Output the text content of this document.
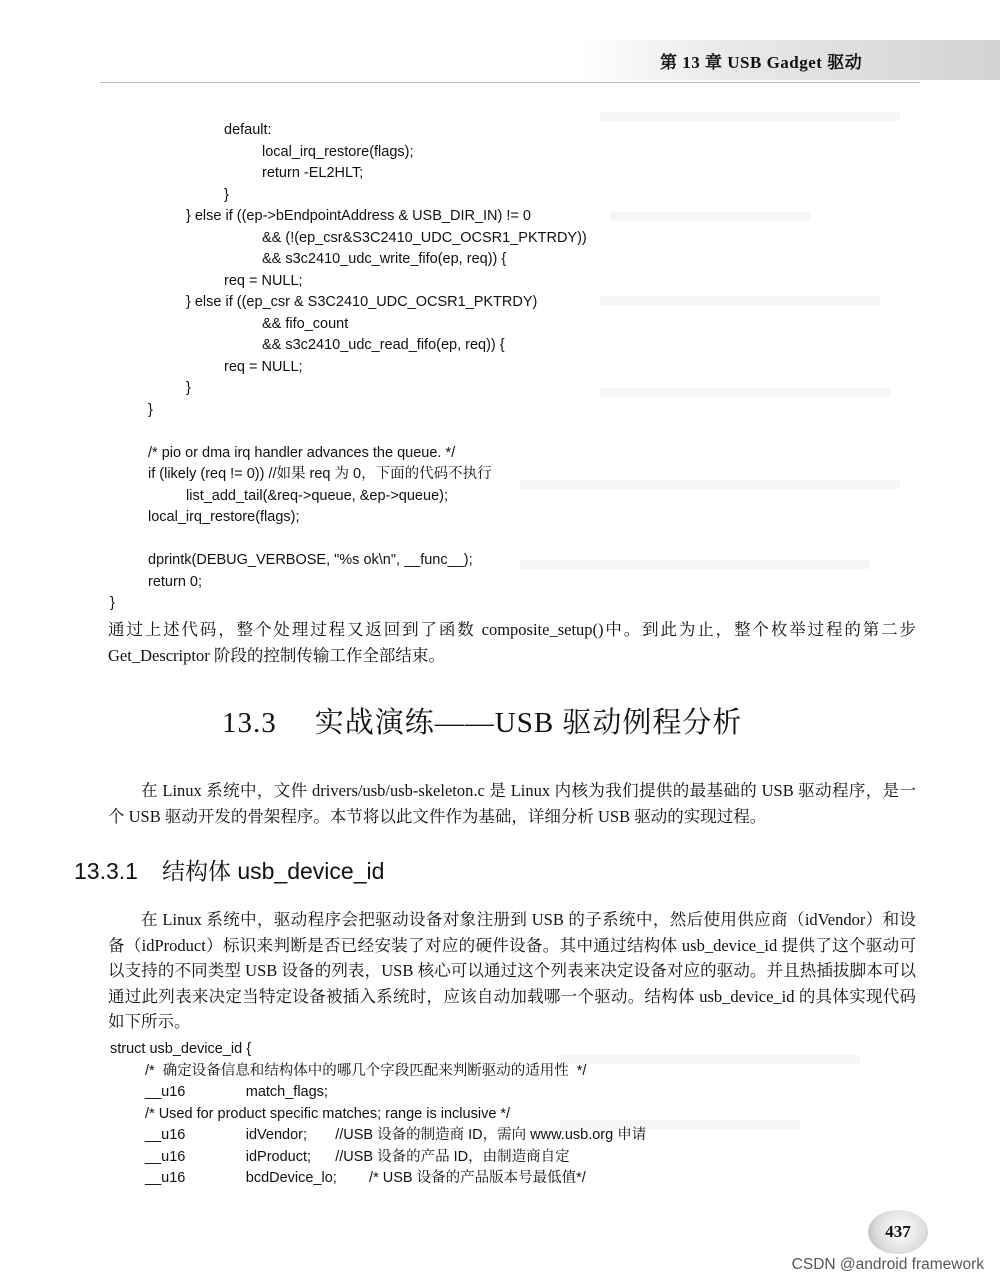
第 13 章 USB Gadget 驱动
default:
local_irq_restore(flags);
return -EL2HLT;
}
} else if ((ep->bEndpointAddress & USB_DIR_IN) != 0
&& (!(ep_csr&S3C2410_UDC_OCSR1_PKTRDY))
&& s3c2410_udc_write_fifo(ep, req)) {
req = NULL;
} else if ((ep_csr & S3C2410_UDC_OCSR1_PKTRDY)
&& fifo_count
&& s3c2410_udc_read_fifo(ep, req)) {
req = NULL;
}
}
/* pio or dma irq handler advances the queue. */
if (likely (req != 0)) //如果 req 为 0，下面的代码不执行
list_add_tail(&req->queue, &ep->queue);
local_irq_restore(flags);
dprintk(DEBUG_VERBOSE, "%s ok\n", __func__);
return 0;
}

通过上述代码，整个处理过程又返回到了函数 composite_setup()中。到此为止，整个枚举过程的第二步 Get_Descriptor 阶段的控制传输工作全部结束。

13.3 实战演练——USB 驱动例程分析

在 Linux 系统中，文件 drivers/usb/usb-skeleton.c 是 Linux 内核为我们提供的最基础的 USB 驱动程序，是一个 USB 驱动开发的骨架程序。本节将以此文件作为基础，详细分析 USB 驱动的实现过程。

13.3.1 结构体 usb_device_id

在 Linux 系统中，驱动程序会把驱动设备对象注册到 USB 的子系统中，然后使用供应商（idVendor）和设备（idProduct）标识来判断是否已经安装了对应的硬件设备。其中通过结构体 usb_device_id 提供了这个驱动可以支持的不同类型 USB 设备的列表，USB 核心可以通过这个列表来决定设备对应的驱动。并且热插拔脚本可以通过此列表来决定当特定设备被插入系统时，应该自动加载哪一个驱动。结构体 usb_device_id 的具体实现代码如下所示。

struct usb_device_id {
/*  确定设备信息和结构体中的哪几个字段匹配来判断驱动的适用性  */
__u16               match_flags;
/* Used for product specific matches; range is inclusive */
__u16               idVendor;       //USB 设备的制造商 ID，需向 www.usb.org 申请
__u16               idProduct;      //USB 设备的产品 ID，由制造商自定
__u16               bcdDevice_lo;        /* USB 设备的产品版本号最低值*/
437
CSDN @android framework
